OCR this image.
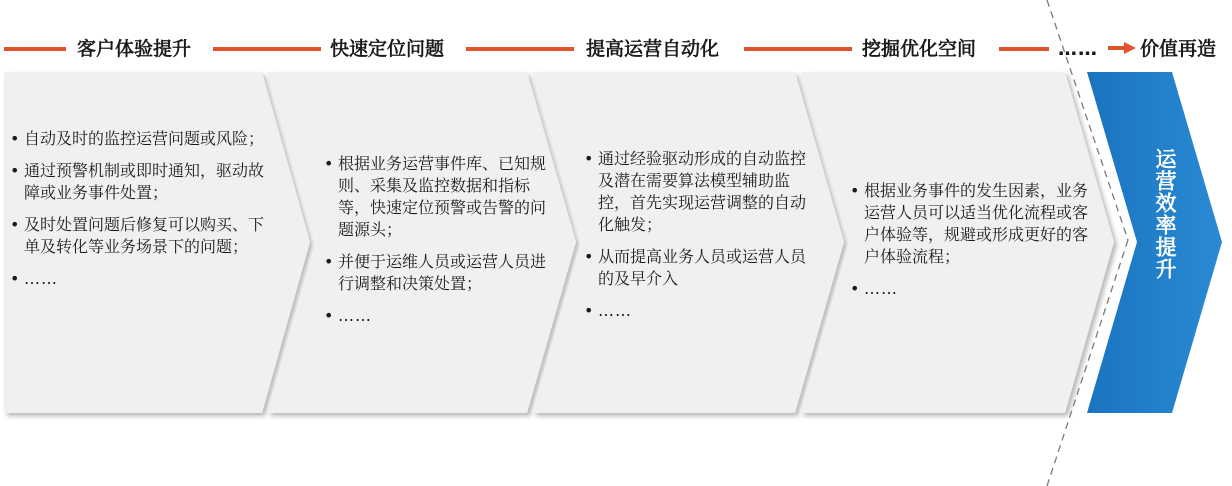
客户体验提升	快速定位问题	提高运营自动化	挖掘优化空间	…… 价值再造
• 自动及时的监控运营问题或风险；
• 通过预警机制或即时通知，驱动故障或业务事件处置；
• 及时处置问题后修复可以购买、下单及转化等业务场景下的问题；
• ……
• 根据业务运营事件库、已知规则、采集及监控数据和指标等，快速定位预警或告警的问题源头；
• 并便于运维人员或运营人员进行调整和决策处置；
• ……
• 通过经验驱动形成的自动监控及潜在需要算法模型辅助监控，首先实现运营调整的自动化触发；
• 从而提高业务人员或运营人员的及早介入
• ……
• 根据业务事件的发生因素，业务运营人员可以适当优化流程或客户体验等，规避或形成更好的客户体验流程；
• ……
运营效率提升
